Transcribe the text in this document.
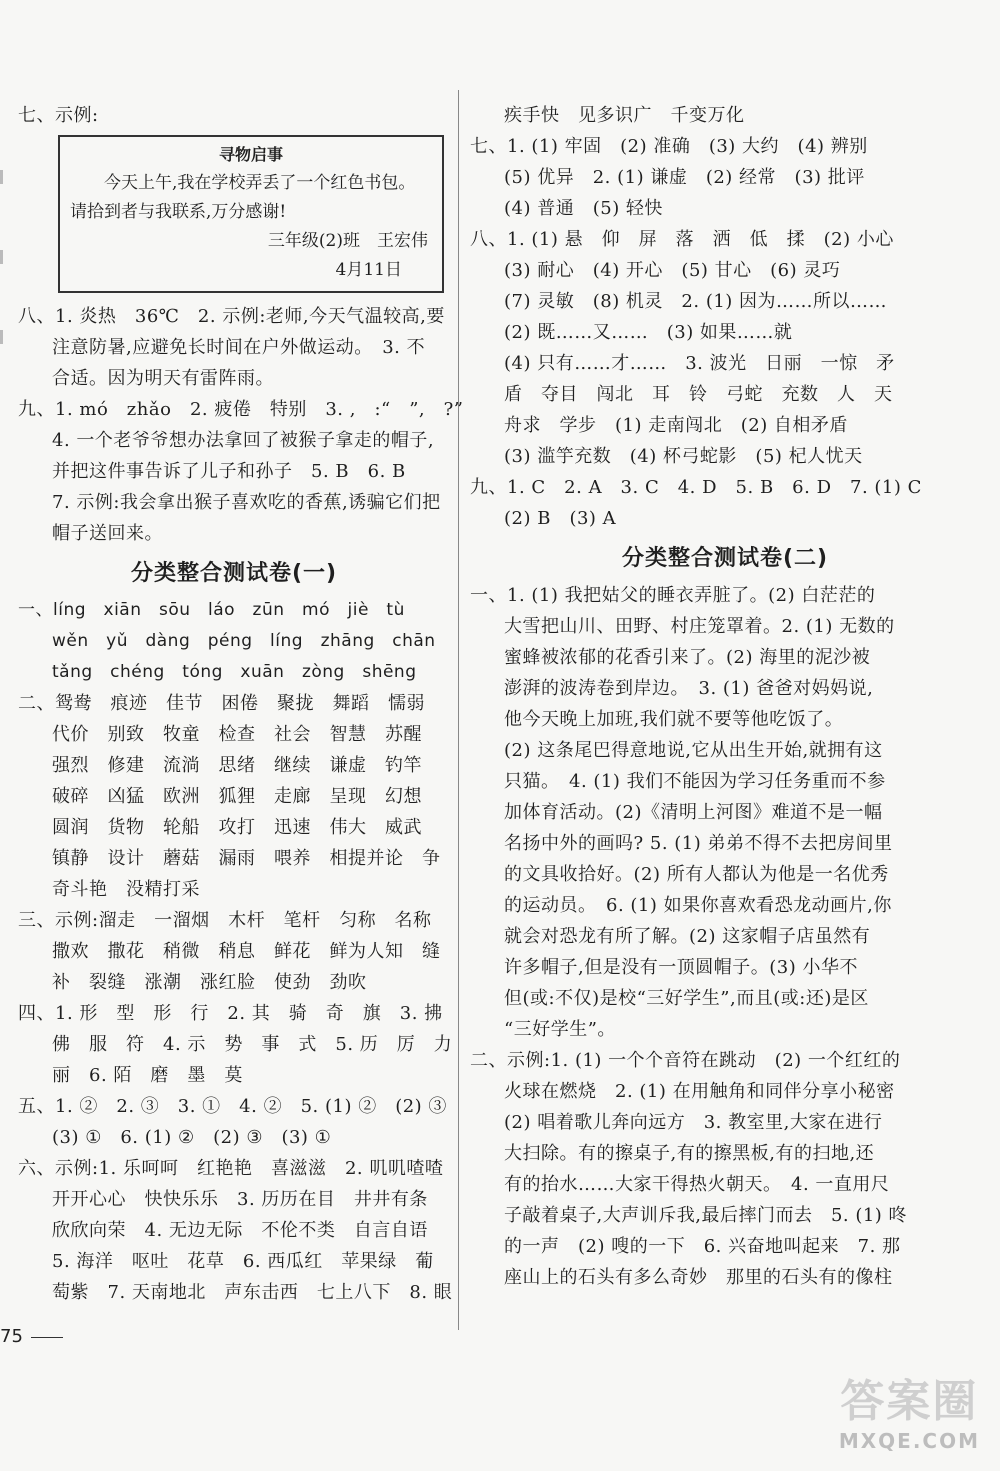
七、示例:
寻物启事
今天上午,我在学校弄丢了一个红色书包。
请拾到者与我联系,万分感谢!
三年级(2)班　王宏伟
4月11日
八、1. 炎热　36℃　2. 示例:老师,今天气温较高,要
注意防暑,应避免长时间在户外做运动。　3. 不
合适。因为明天有雷阵雨。
九、1. mó　zhǎo　2. 疲倦　特别　3. ,　:“　”,　?”
4. 一个老爷爷想办法拿回了被猴子拿走的帽子,
并把这件事告诉了儿子和孙子　5. B　6. B
7. 示例:我会拿出猴子喜欢吃的香蕉,诱骗它们把
帽子送回来。
分类整合测试卷(一)
一、líng　xiān　sōu　láo　zūn　mó　jiè　tù
wěn　yǔ　dàng　péng　líng　zhāng　chān
tǎng　chéng　tóng　xuān　zòng　shēng
二、鸳鸯　痕迹　佳节　困倦　聚拢　舞蹈　懦弱
代价　别致　牧童　检查　社会　智慧　苏醒
强烈　修建　流淌　思绪　继续　谦虚　钓竿
破碎　凶猛　欧洲　狐狸　走廊　呈现　幻想
圆润　货物　轮船　攻打　迅速　伟大　威武
镇静　设计　蘑菇　漏雨　喂养　相提并论　争
奇斗艳　没精打采
三、示例:溜走　一溜烟　木杆　笔杆　匀称　名称
撒欢　撒花　稍微　稍息　鲜花　鲜为人知　缝
补　裂缝　涨潮　涨红脸　使劲　劲吹
四、1. 形　型　形　行　2. 其　骑　奇　旗　3. 拂
佛　服　符　4. 示　势　事　式　5. 历　厉　力
丽　6. 陌　磨　墨　莫
五、1. ②　2. ③　3. ①　4. ②　5. (1) ②　(2) ③
(3) ①　6. (1) ②　(2) ③　(3) ①
六、示例:1. 乐呵呵　红艳艳　喜滋滋　2. 叽叽喳喳
开开心心　快快乐乐　3. 历历在目　井井有条
欣欣向荣　4. 无边无际　不伦不类　自言自语
5. 海洋　呕吐　花草　6. 西瓜红　苹果绿　葡
萄紫　7. 天南地北　声东击西　七上八下　8. 眼
疾手快　见多识广　千变万化
七、1. (1) 牢固　(2) 准确　(3) 大约　(4) 辨别
(5) 优异　2. (1) 谦虚　(2) 经常　(3) 批评
(4) 普通　(5) 轻快
八、1. (1) 悬　仰　屏　落　洒　低　揉　(2) 小心
(3) 耐心　(4) 开心　(5) 甘心　(6) 灵巧
(7) 灵敏　(8) 机灵　2. (1) 因为……所以……
(2) 既……又……　(3) 如果……就
(4) 只有……才……　3. 波光　日丽　一惊　矛
盾　夺目　闯北　耳　铃　弓蛇　充数　人　天
舟求　学步　(1) 走南闯北　(2) 自相矛盾
(3) 滥竽充数　(4) 杯弓蛇影　(5) 杞人忧天
九、1. C　2. A　3. C　4. D　5. B　6. D　7. (1) C
(2) B　(3) A
分类整合测试卷(二)
一、1. (1) 我把姑父的睡衣弄脏了。(2) 白茫茫的
大雪把山川、田野、村庄笼罩着。2. (1) 无数的
蜜蜂被浓郁的花香引来了。(2) 海里的泥沙被
澎湃的波涛卷到岸边。　3. (1) 爸爸对妈妈说,
他今天晚上加班,我们就不要等他吃饭了。
(2) 这条尾巴得意地说,它从出生开始,就拥有这
只猫。　4. (1) 我们不能因为学习任务重而不参
加体育活动。(2)《清明上河图》难道不是一幅
名扬中外的画吗? 5. (1) 弟弟不得不去把房间里
的文具收拾好。(2) 所有人都认为他是一名优秀
的运动员。　6. (1) 如果你喜欢看恐龙动画片,你
就会对恐龙有所了解。(2) 这家帽子店虽然有
许多帽子,但是没有一顶圆帽子。(3) 小华不
但(或:不仅)是校“三好学生”,而且(或:还)是区
“三好学生”。
二、示例:1. (1) 一个个音符在跳动　(2) 一个红红的
火球在燃烧　2. (1) 在用触角和同伴分享小秘密
(2) 唱着歌儿奔向远方　3. 教室里,大家在进行
大扫除。有的擦桌子,有的擦黑板,有的扫地,还
有的抬水……大家干得热火朝天。　4. 一直用尺
子敲着桌子,大声训斥我,最后摔门而去　5. (1) 咚
的一声　(2) 嗖的一下　6. 兴奋地叫起来　7. 那
座山上的石头有多么奇妙　那里的石头有的像柱
75
答案圈
MXQE.COM
